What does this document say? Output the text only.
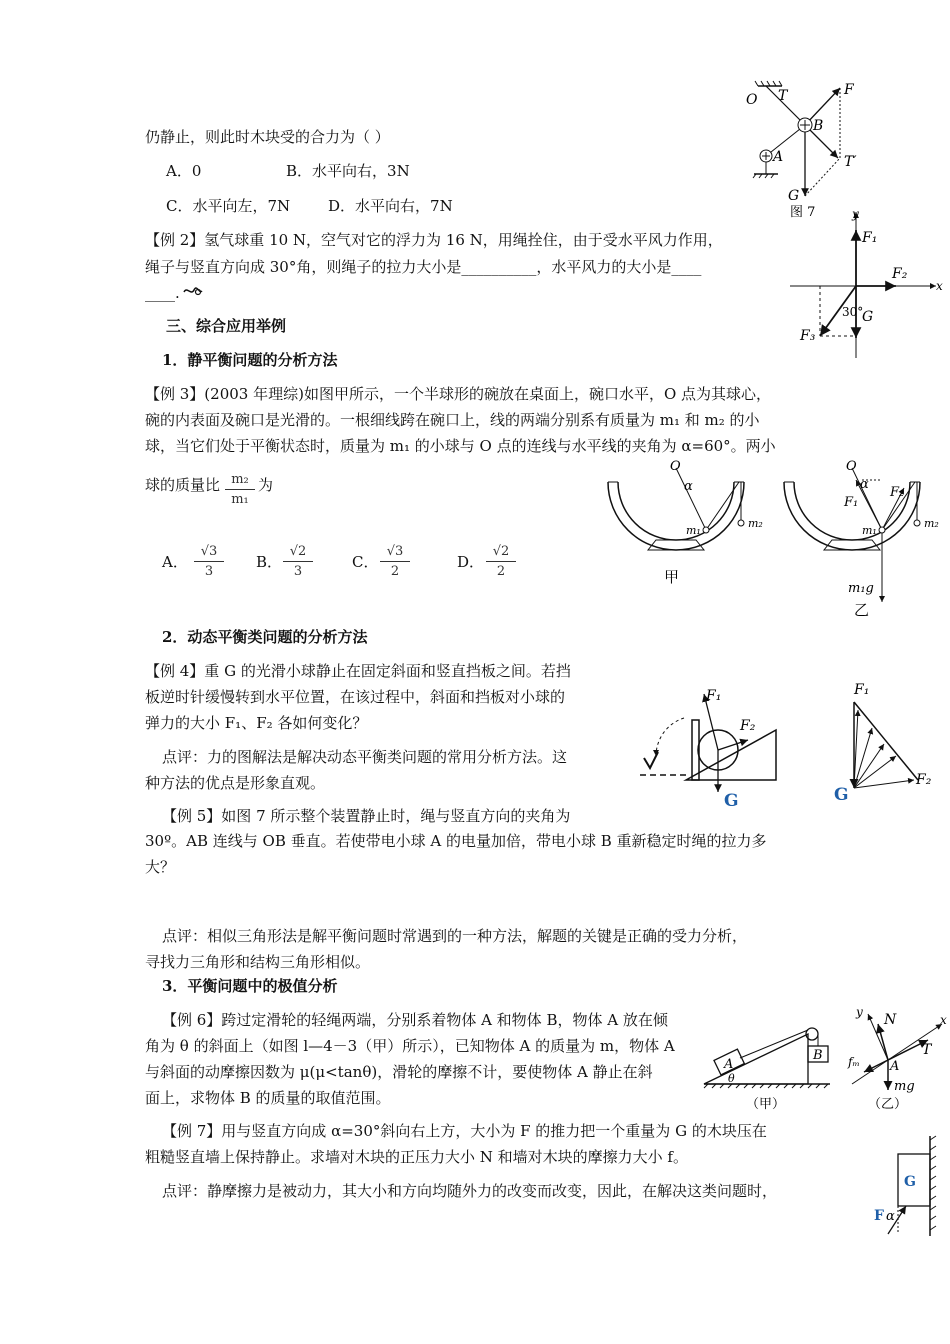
仍静止，则此时木块受的合力为（ ）
A．0	B．水平向右，3N
C．水平向左，7N	D．水平向右，7N
【例 2】氢气球重 10 N，空气对它的浮力为 16 N，用绳拴住，由于受水平风力作用，
绳子与竖直方向成 30°角，则绳子的拉力大小是__________，水平风力的大小是____
____.
三、综合应用举例
1．静平衡问题的分析方法
【例 3】(2003 年理综)如图甲所示，一个半球形的碗放在桌面上，碗口水平，O 点为其球心，
碗的内表面及碗口是光滑的。一根细线跨在碗口上，线的两端分别系有质量为 m₁ 和 m₂ 的小
球，当它们处于平衡状态时，质量为 m₁ 的小球与 O 点的连线与水平线的夹角为 α=60°。两小
球的质量比 m₂
m₁
为
A．
√3
3
B．
√2
3
C．
√3
2
D．
√2
2
2．动态平衡类问题的分析方法
【例 4】重 G 的光滑小球静止在固定斜面和竖直挡板之间。若挡
板逆时针缓慢转到水平位置，在该过程中，斜面和挡板对小球的
弹力的大小 F₁、F₂ 各如何变化？
点评：力的图解法是解决动态平衡类问题的常用分析方法。这
种方法的优点是形象直观。
【例 5】如图 7 所示整个装置静止时，绳与竖直方向的夹角为
30º。AB 连线与 OB 垂直。若使带电小球 A 的电量加倍，带电小球 B 重新稳定时绳的拉力多
大？
点评：相似三角形法是解平衡问题时常遇到的一种方法，解题的关键是正确的受力分析，
寻找力三角形和结构三角形相似。
3．平衡问题中的极值分析
【例 6】跨过定滑轮的轻绳两端，分别系着物体 A 和物体 B，物体 A 放在倾
角为 θ 的斜面上（如图 l—4－3（甲）所示），已知物体 A 的质量为 m，物体 A
与斜面的动摩擦因数为 μ(μ<tanθ)，滑轮的摩擦不计，要使物体 A 静止在斜
面上，求物体 B 的质量的取值范围。
【例 7】用与竖直方向成 α=30°斜向右上方，大小为 F 的推力把一个重量为 G 的木块压在
粗糙竖直墙上保持静止。求墙对木块的正压力大小 N 和墙对木块的摩擦力大小 f。
点评：静摩擦力是被动力，其大小和方向均随外力的改变而改变，因此，在解决这类问题时，
O T	F
B
A	T′
G
图 7	y
x
F₁
F₂
F₃
30°
G
O
α
m₁
m₂
甲
O
α
F₁
F₂
m₁
m₂
m₁g
乙
F₁
F₂
G
F₁
F₂
G
A
B
θ
（甲）
y
x
N
T
A
fₘ
mg
（乙）
G
F α
